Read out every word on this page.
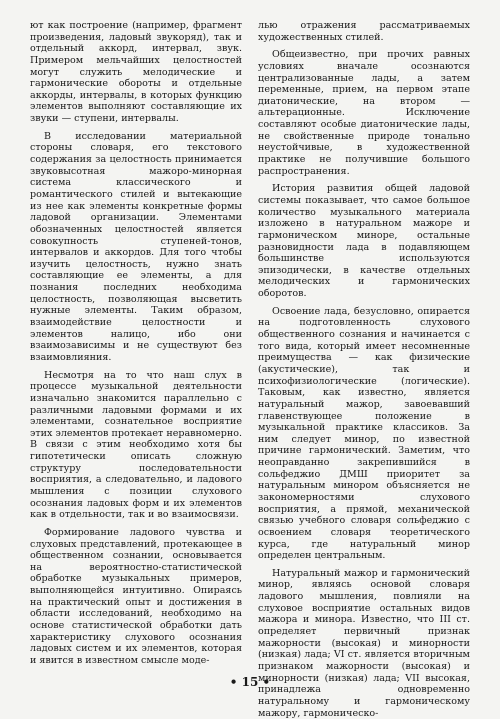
ют как построение (например, фрагмент произведения, ладовый звукоряд), так и отдельный аккорд, интервал, звук. Примером мельчайших целостностей могут служить мелодические и гармонические обороты и отдельные аккорды, интервалы, в которых функцию элементов выполняют составляющие их звуки — ступени, интервалы.

В исследовании материальной стороны словаря, его текстового содержания за целостность принимается звуковысотная мажоро-минорная система классического и романтического стилей и вытекающие из нее как элементы конкретные формы ладовой организации. Элементами обозначенных целостностей является совокупность ступеней-тонов, интервалов и аккордов. Для того чтобы изучить целостность, нужно знать составляющие ее элементы, а для познания последних необходима целостность, позволяющая высветить нужные элементы. Таким образом, взаимодействие целостности и элементов налицо, ибо они взаимозависимы и не существуют без взаимовлияния.

Несмотря на то что наш слух в процессе музыкальной деятельности изначально знакомится параллельно с различными ладовыми формами и их элементами, сознательное восприятие этих элементов протекает неравномерно. В связи с этим необходимо хотя бы гипотетически описать сложную структуру последовательности восприятия, а следовательно, и ладового мышления с позиции слухового осознания ладовых форм и их элементов как в отдельности, так и во взаимосвязи.

Формирование ладового чувства и слуховых представлений, протекающее в общественном сознании, основывается на вероятностно-статистической обработке музыкальных примеров, выполняющейся интуитивно. Опираясь на практический опыт и достижения в области исследований, необходимо на основе статистической обработки дать характеристику слухового осознания ладовых систем и их элементов, которая и явится в известном смысле моде-

лью отражения рассматриваемых художественных стилей.

Общеизвестно, при прочих равных условиях вначале осознаются централизованные лады, а затем переменные, прием, на первом этапе диатонические, на втором — альтерационные. Исключение составляют особые диатонические лады, не свойственные природе тонально неустойчивые, в художественной практике не получившие большого распространения.

История развития общей ладовой системы показывает, что самое большое количество музыкального материала изложено в натуральном мажоре и гармоническом миноре, остальные разновидности лада в подавляющем большинстве используются эпизодически, в качестве отдельных мелодических и гармонических оборотов.

Освоение лада, безусловно, опирается на подготовленность слухового общественного сознания и начинается с того вида, который имеет несомненные преимущества — как физические (акустические), так и психофизиологические (логические). Таковым, как известно, является натуральный мажор, завоевавший главенствующее положение в музыкальной практике классиков. За ним следует минор, по известной причине гармонический. Заметим, что неоправданно закрепившийся в сольфеджио ДМШ приоритет за натуральным минором объясняется не закономерностями слухового восприятия, а прямой, механической связью учебного словаря сольфеджио с освоением словаря теоретического курса, где натуральный минор определен центральным.

Натуральный мажор и гармонический минор, являясь основой словаря ладового мышления, повлияли на слуховое восприятие остальных видов мажора и минора. Известно, что III ст. определяет первичный признак мажорности (высокая) и минорности (низкая) лада; VI ст. является вторичным признаком мажорности (высокая) и минорности (низкая) лада; VII высокая, принадлежа одновременно натуральному и гармоническому мажору, гармоническо-

• 15 •
